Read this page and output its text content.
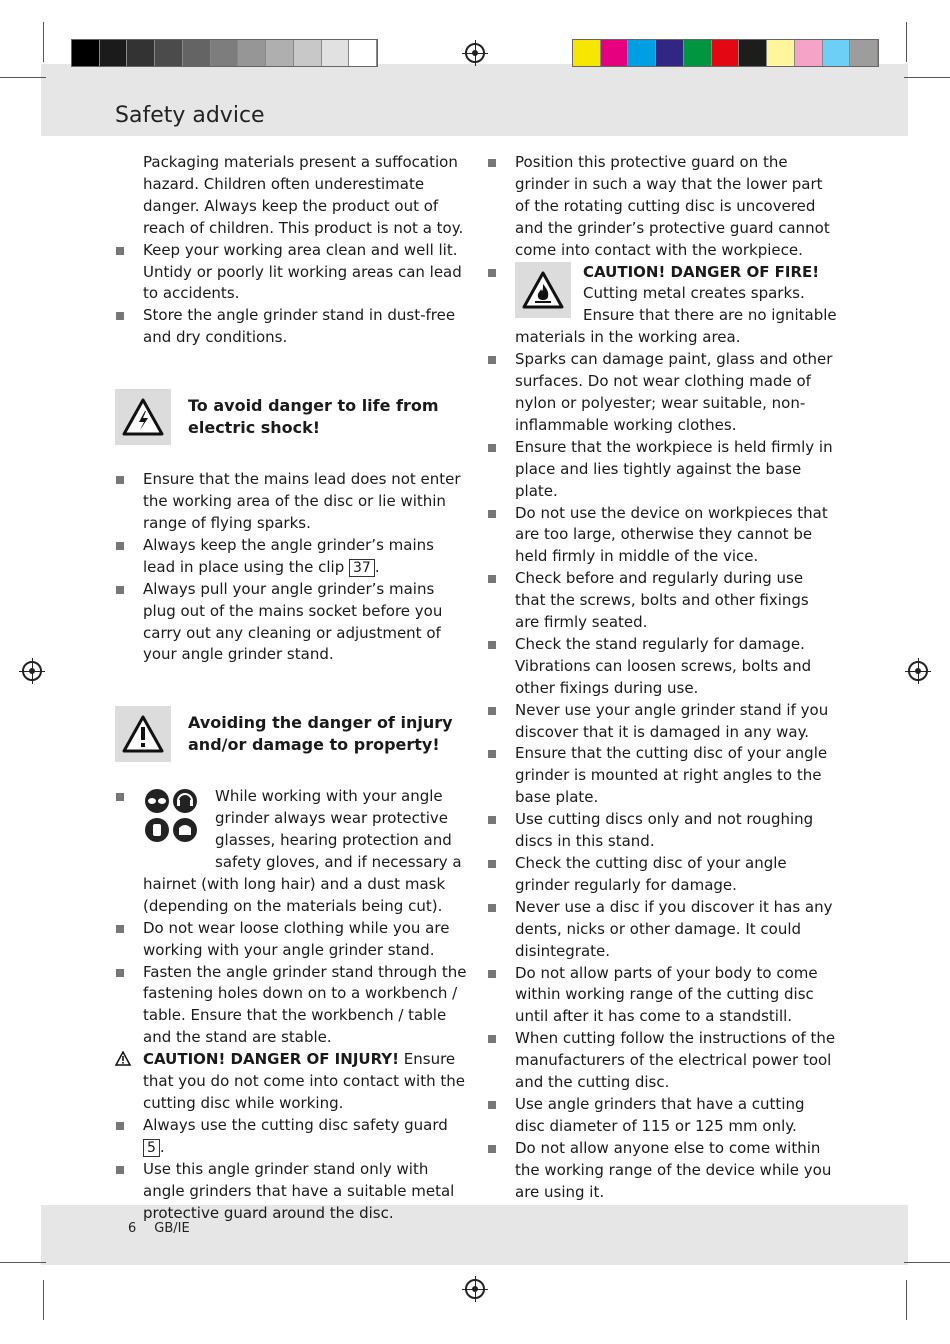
Safety advice

Packaging materials present a suffocation hazard. Children often underestimate danger. Always keep the product out of reach of children. This product is not a toy.

Keep your working area clean and well lit. Untidy or poorly lit working areas can lead to accidents.
Store the angle grinder stand in dust-free and dry conditions.
To avoid danger to life from electric shock!
Ensure that the mains lead does not enter the working area of the disc or lie within range of flying sparks.
Always keep the angle grinder’s mains lead in place using the clip 37 .
Always pull your angle grinder’s mains plug out of the mains socket before you carry out any cleaning or adjustment of your angle grinder stand.
Avoiding the danger of injury and/or damage to property!
While working with your angle grinder always wear protective glasses, hearing protection and safety gloves, and if necessary a hairnet (with long hair) and a dust mask (depending on the materials being cut).
Do not wear loose clothing while you are working with your angle grinder stand.
Fasten the angle grinder stand through the fastening holes down on to a workbench / table. Ensure that the workbench / table and the stand are stable.
CAUTION! DANGER OF INJURY! Ensure that you do not come into contact with the cutting disc while working.
Always use the cutting disc safety guard 5 .
Use this angle grinder stand only with angle grinders that have a suitable metal protective guard around the disc.
Position this protective guard on the grinder in such a way that the lower part of the rotating cutting disc is uncovered and the grinder’s protective guard cannot come into contact with the workpiece.
CAUTION! DANGER OF FIRE!
Cutting metal creates sparks. Ensure that there are no ignitable materials in the working area.
Sparks can damage paint, glass and other surfaces. Do not wear clothing made of nylon or polyester; wear suitable, non-inflammable working clothes.
Ensure that the workpiece is held firmly in place and lies tightly against the base plate.
Do not use the device on workpieces that are too large, otherwise they cannot be held firmly in middle of the vice.
Check before and regularly during use that the screws, bolts and other fixings are firmly seated.
Check the stand regularly for damage. Vibrations can loosen screws, bolts and other fixings during use.
Never use your angle grinder stand if you discover that it is damaged in any way.
Ensure that the cutting disc of your angle grinder is mounted at right angles to the base plate.
Use cutting discs only and not roughing discs in this stand.
Check the cutting disc of your angle grinder regularly for damage.
Never use a disc if you discover it has any dents, nicks or other damage. It could disintegrate.
Do not allow parts of your body to come within working range of the cutting disc until after it has come to a standstill.
When cutting follow the instructions of the manufacturers of the electrical power tool and the cutting disc.
Use angle grinders that have a cutting disc diameter of 115 or 125 mm only.
Do not allow anyone else to come within the working range of the device while you are using it.
6 GB/IE
